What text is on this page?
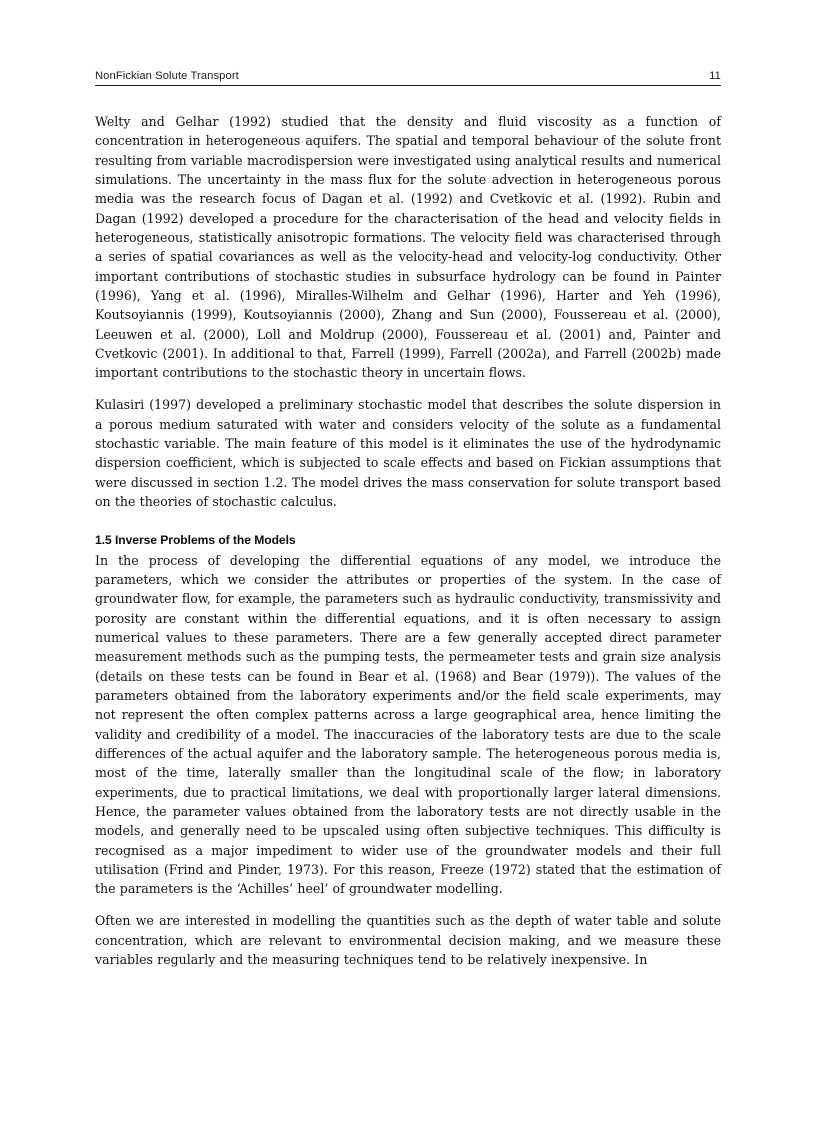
NonFickian Solute Transport	11

Welty and Gelhar (1992) studied that the density and fluid viscosity as a function of concentration in heterogeneous aquifers. The spatial and temporal behaviour of the solute front resulting from variable macrodispersion were investigated using analytical results and numerical simulations. The uncertainty in the mass flux for the solute advection in heterogeneous porous media was the research focus of Dagan et al. (1992) and Cvetkovic et al. (1992). Rubin and Dagan (1992) developed a procedure for the characterisation of the head and velocity fields in heterogeneous, statistically anisotropic formations. The velocity field was characterised through a series of spatial covariances as well as the velocity-head and velocity-log conductivity. Other important contributions of stochastic studies in subsurface hydrology can be found in Painter (1996), Yang et al. (1996), Miralles-Wilhelm and Gelhar (1996), Harter and Yeh (1996), Koutsoyiannis (1999), Koutsoyiannis (2000), Zhang and Sun (2000), Foussereau et al. (2000), Leeuwen et al. (2000), Loll and Moldrup (2000), Foussereau et al. (2001) and, Painter and Cvetkovic (2001). In additional to that, Farrell (1999), Farrell (2002a), and Farrell (2002b) made important contributions to the stochastic theory in uncertain flows.

Kulasiri (1997) developed a preliminary stochastic model that describes the solute dispersion in a porous medium saturated with water and considers velocity of the solute as a fundamental stochastic variable. The main feature of this model is it eliminates the use of the hydrodynamic dispersion coefficient, which is subjected to scale effects and based on Fickian assumptions that were discussed in section 1.2. The model drives the mass conservation for solute transport based on the theories of stochastic calculus.

1.5 Inverse Problems of the Models

In the process of developing the differential equations of any model, we introduce the parameters, which we consider the attributes or properties of the system. In the case of groundwater flow, for example, the parameters such as hydraulic conductivity, transmissivity and porosity are constant within the differential equations, and it is often necessary to assign numerical values to these parameters. There are a few generally accepted direct parameter measurement methods such as the pumping tests, the permeameter tests and grain size analysis (details on these tests can be found in Bear et al. (1968) and Bear (1979)). The values of the parameters obtained from the laboratory experiments and/or the field scale experiments, may not represent the often complex patterns across a large geographical area, hence limiting the validity and credibility of a model. The inaccuracies of the laboratory tests are due to the scale differences of the actual aquifer and the laboratory sample. The heterogeneous porous media is, most of the time, laterally smaller than the longitudinal scale of the flow; in laboratory experiments, due to practical limitations, we deal with proportionally larger lateral dimensions. Hence, the parameter values obtained from the laboratory tests are not directly usable in the models, and generally need to be upscaled using often subjective techniques. This difficulty is recognised as a major impediment to wider use of the groundwater models and their full utilisation (Frind and Pinder, 1973). For this reason, Freeze (1972) stated that the estimation of the parameters is the ‘Achilles’ heel’ of groundwater modelling.

Often we are interested in modelling the quantities such as the depth of water table and solute concentration, which are relevant to environmental decision making, and we measure these variables regularly and the measuring techniques tend to be relatively inexpensive. In
